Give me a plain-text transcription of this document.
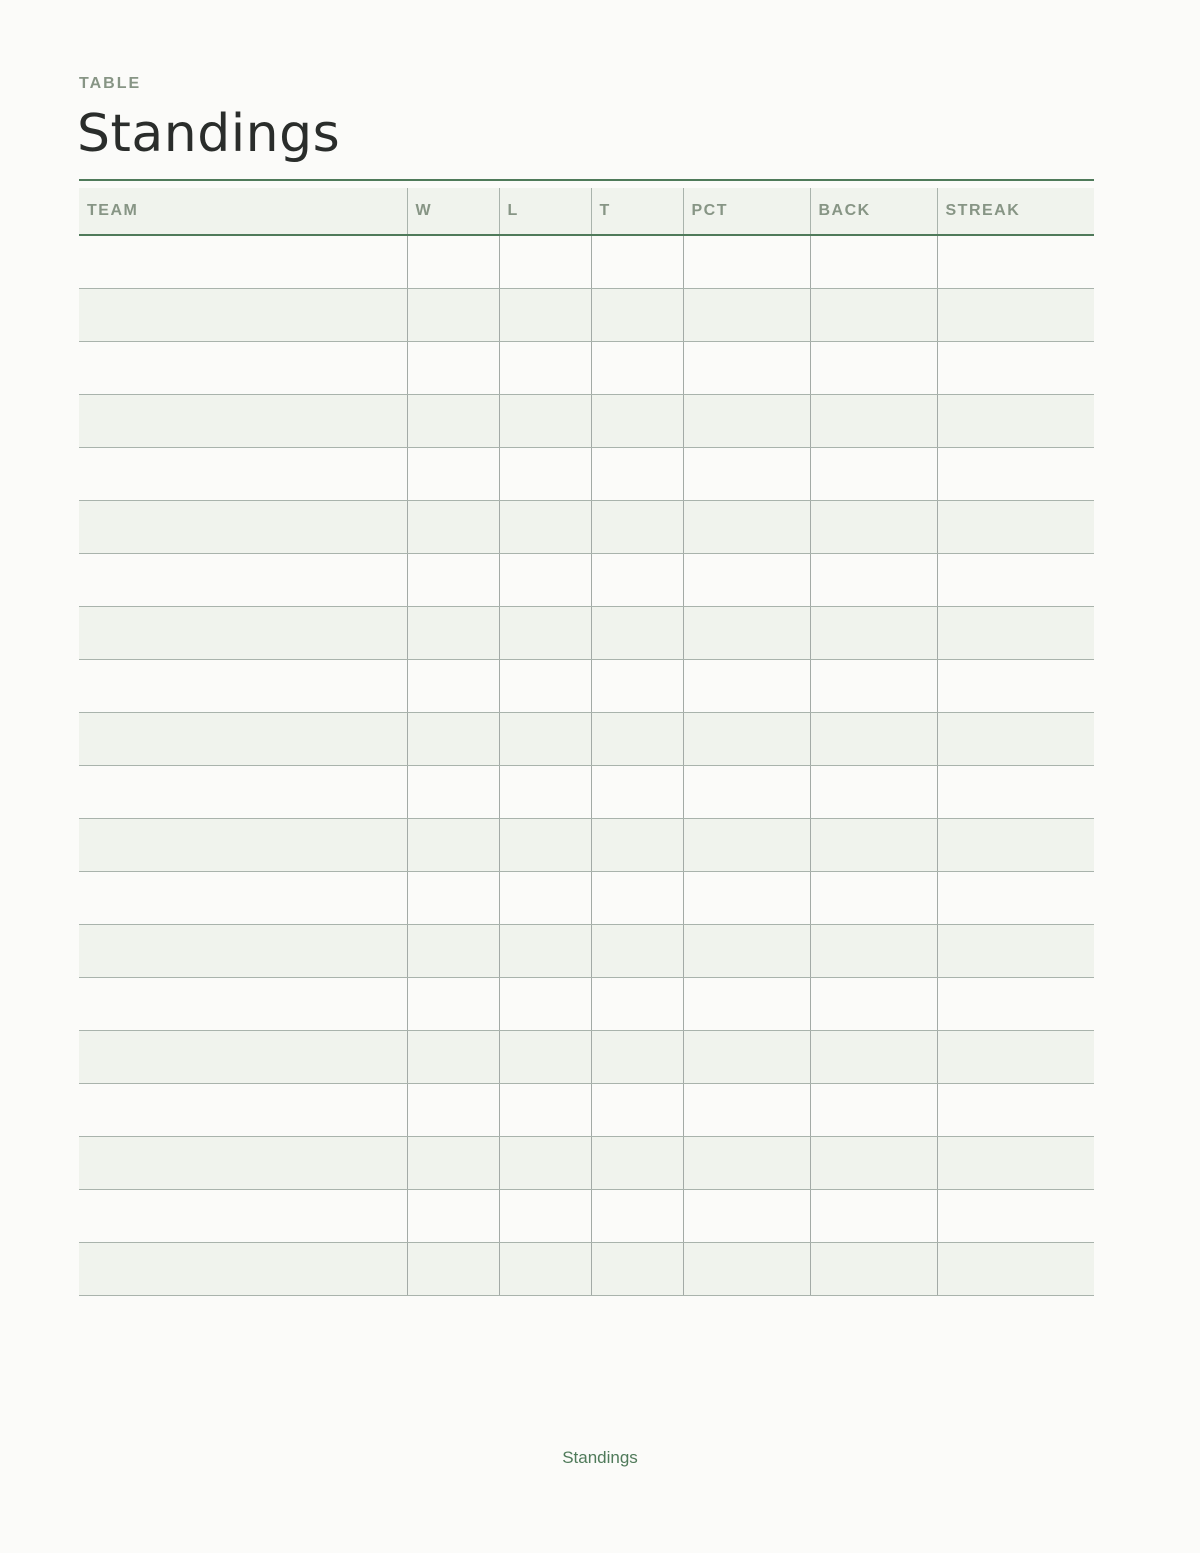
TABLE
Standings
TEAM	W	L	T	PCT	BACK	STREAK

Standings
